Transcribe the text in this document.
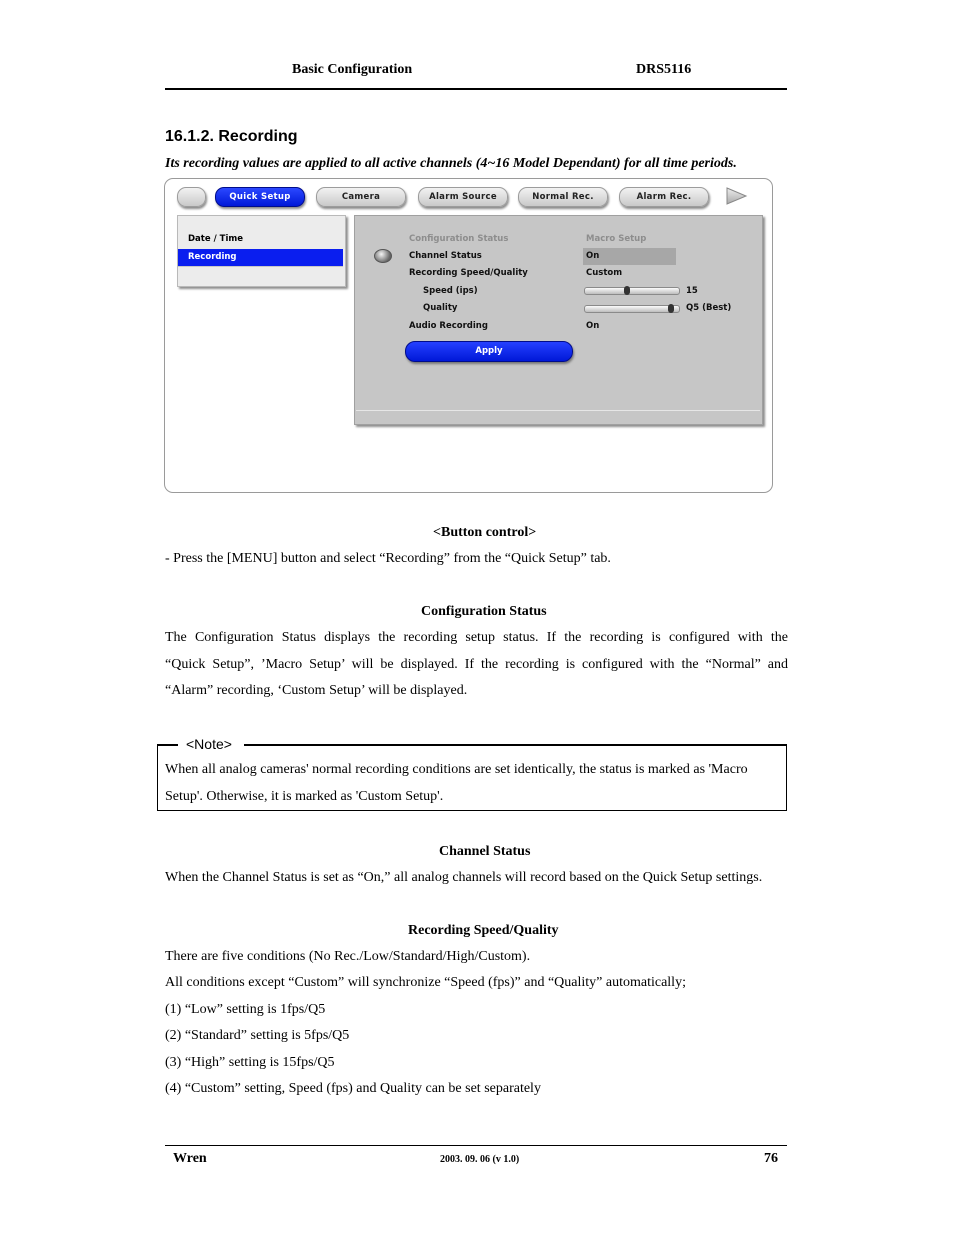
Basic Configuration	DRS5116
16.1.2. Recording
Its recording values are applied to all active channels (4~16 Model Dependant) for all time periods.
Quick Setup	Camera	Alarm Source	Normal Rec.	Alarm Rec.
Date / Time
Recording
Configuration Status	Macro Setup
Channel Status	On
Recording Speed/Quality	Custom
Speed (ips)	15
Quality	Q5 (Best)
Audio Recording	On
Apply
<Button control>
- Press the [MENU] button and select “Recording” from the “Quick Setup” tab.
Configuration Status
The Configuration Status displays the recording setup status. If the recording is configured with the
“Quick Setup”, ’Macro Setup’ will be displayed. If the recording is configured with the “Normal” and
“Alarm” recording, ‘Custom Setup’ will be displayed.
<Note>
When all analog cameras' normal recording conditions are set identically, the status is marked as 'Macro
Setup'. Otherwise, it is marked as 'Custom Setup'.
Channel Status
When the Channel Status is set as “On,” all analog channels will record based on the Quick Setup settings.
Recording Speed/Quality
There are five conditions (No Rec./Low/Standard/High/Custom).
All conditions except “Custom” will synchronize “Speed (fps)” and “Quality” automatically;
(1) “Low” setting is 1fps/Q5
(2) “Standard” setting is 5fps/Q5
(3) “High” setting is 15fps/Q5
(4) “Custom” setting, Speed (fps) and Quality can be set separately
Wren	2003. 09. 06 (v 1.0)	76
